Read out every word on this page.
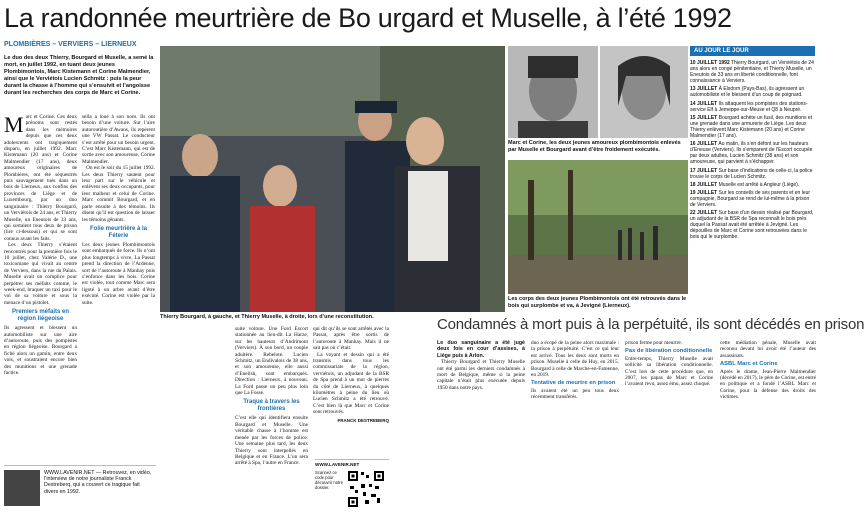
La randonnée meurtrière de Bo urgard et Muselle, à l’été 1992
PLOMBIÈRES – VERVIERS – LIERNEUX
Le duo des deux Thierry, Bourgard et Muselle, a semé la mort, en juillet 1992, en tuant deux jeunes Plombimontois, Marc Kistemann et Corine Malmendier, ainsi que le Verviétois Lucien Schmitz : puis la peur durant la chasse à l’homme qui s’ensuivit et l’angoisse durant les recherches des corps de Marc et Corine.

Marc et Corine. Ces deux prénoms sont restés dans les mémoires depuis que ces deux adolescents ont tragiquement disparu, en juillet 1992. Marc Kistemann (20 ans) et Corine Malmendier (17 ans), deux amoureux originaires de Plombières, ont été séquestrés puis sauvagement tués dans un bois de Lierneux, aux confins des provinces de Liège et de Luxembourg, par un duo sanguinaire : Thierry Bourgard, un Verviétois de 24 ans, et Thierry Muselle, un Eneutois de 33 ans, qui sortaient tous deux de prison (lire ci-dessous) et qui se sont connus avant les faits.

Les deux Thierry s’étaient rencontrés pour la première fois le 10 juillet, chez Valérie D., une toxicomane qui vivait au centre de Verviers, dans la rue du Palais. Muselle avait un complice pour perpétrer ses méfaits comme, le week-end, braquer un taxi pour le vol de sa voiture et sous la menace d’un pistolet.

Premiers méfaits en région liégeoise

Ils agressent et blessent un automobiliste sur une aire d’autoroute, puis des pompistes en région liégeoise. Bourgard a fiché alors un gamin, entre deux vols, et soustraient encore bien des munitions et une grenade factice.

sella a loué à son nom. Ils ont besoin d’une voiture. Sur l’aire autoroutière d’Awans, ils repèrent une VW Passat. Le conducteur s’est arrêté pour un besoin urgent. C’est Marc Kistemann, qui est de sortie avec son amoureuse, Corine Malmendier.

On est le soir du 15 juillet 1992. Les deux Thierry sautent pour leur part sur le véhicule et enlèvent ses deux occupants, pour leur malheur et celui de Corine. Marc commit Bourgard, et en parle ensuite à des témoins. Ils disent qu’il est question de laisser les témoins gênants.

Folie meurtrière à la Féterie

Les deux jeunes Plombimontois sont embarqués de force. Ils n’ont plus longtemps à vivre. La Passat prend la direction de l’Ardenne, sort de l’autoroute à Manhay puis s’enfonce dans les bois. Corine est violée, tout comme Marc sera ligoté à un arbre avant d’être exécuté. Corine est violée par la suite.

WWW.LAVENIR.NET — Retrouvez, en vidéo, l’interview de notre journaliste Franck Destreberq, qui a couvert ce tragique fait divers en 1992.
Thierry Bourgard, à gauche, et Thierry Muselle, à droite, lors d’une reconstitution.

suite voiture. Une Ford Escort stationnée au lieu-dit La Harze, sur les hauteurs d’Andrimont (Verviers). À son bord, un couple adultère. Rebelote. Lucien Schmitz, un Endivalois de 38 ans, et son amoureuse, elle aussi d’Eneilsh, sont embarqués. Direction : Lierneux, à nouveau. La Ford passe un peu plus loin que La Fosse.

Traque à travers les frontières

C’est elle qui identifiera ensuite Bourgard et Muselle. Une véritable chasse à l’homme est menée par les forces de police. Une semaine plus tard, les deux Thierry sont interpellés en Belgique et en France. L’un sera arrêté à Spa, l’autre en France.

qui dit qu’ils se sont arrêtés avec la Passat, après être sortis de l’autoroute à Manhay. Mais il ne sait pas où c’était.

La voyant et dessin qui a été transmis dans tous les commissariats de la région, verviétois, un adjudant de la BSR de Spa prend à un mur de pierres du côté de Lierneux, à quelques kilomètres à peine du lieu où Lucien Schmitz a été retrouvé. C’est bien là que Marc et Corine sont retrouvés.

FRANCK DESTREBERQ

WWW.LAVENIR.NET
Scannez ce code pour découvrir notre dossier.
Marc et Corine, les deux jeunes amoureux plombimontois enlevés par Muselle et Bourgard avant d’être froidement exécutés.
Les corps des deux jeunes Plombimontois ont été retrouvés dans le bois qui surplombe et va, à Jevigné (Lierneux).
AU JOUR LE JOUR

10 JUILLET 1992 Thierry Bourgard, un Verviétois de 24 ans alors en congé pénitentiaire, et Thierry Muselle, un Eneutois de 33 ans en liberté conditionnelle, font connaissance à Verviers.

13 JUILLET À Elsdorn (Pays-Bas), ils agressent un automobiliste et le blessent d’un coup de poignard.

14 JUILLET Ils attaquent les pompistes des stations-service Elf à Jemeppe-sur-Meuse et Q8 à Neupré.

15 JUILLET Bourgard achète un fusil, des munitions et une grenade dans une armurerie de Liège. Les deux Thierry enlèvent Marc Kistemann (20 ans) et Corine Malmendier (17 ans).

16 JUILLET Au matin, ils s’en défont sur les hauteurs d’Eneuse (Verviers). Ils s’emparent de l’Escort occupée par deux adultes, Lucien Schmitz (38 ans) et son amoureuse, qui parvient à s’échapper.

17 JUILLET Sur base d’indications de celle-ci, la police trouve le corps de Lucien Schmitz.

18 JUILLET Muselle est arrêté à Angleur (Liège).

19 JUILLET Sur les conseils de ses parents et en leur compagnie, Bourgard se rend de lui-même à la prison de Verviers.

22 JUILLET Sur base d’un dessin réalisé par Bourgard, un adjudant de la BSR de Spa reconnaît le bois près duquel la Passat avait été arrêtée à Jevigné. Les dépouilles de Marc et Corine sont retrouvées dans le bois qui le surplombe.

Condamnés à mort puis à la perpétuité, ils sont décédés en prison

Le duo sanguinaire a été jugé deux fois en cour d’assises, à Liège puis à Arlon.

Thierry Bourgard et Thierry Muselle ont été parmi les derniers condamnés à mort de Belgique, même si la peine capitale n’était plus exécutée depuis 1950 dans notre pays.

duo a écopé de la peine alors maximale : la prison à perpétuité. C’est ce qui leur est arrivé. Tous les deux sont morts en prison. Muselle à celle de Huy, en 2015. Bourgard à celle de Marche-en-Famenne, en 2019.

Tentative de meurtre en prison

Ils avaient été un peu tous deux récemment transférés.

prison ferme pour meurtre.

Pas de libération conditionnelle

Entre-temps, Thierry Muselle avait sollicité sa libération conditionnelle. C’est lors de cette procédure que, en 2007, les papas de Marc et Corine l’avaient revu, assez ému, assez choqué.

cette médiation pénale, Muselle avait reconnu devant lui avoir été l’auteur des assassinats.

ASBL Marc et Corine

Après le drame, Jean-Pierre Malmendier (décédé en 2017), le père de Corine, est entré en politique et a fondé l’ASBL Marc et Corine, pour la défense des droits des victimes.
